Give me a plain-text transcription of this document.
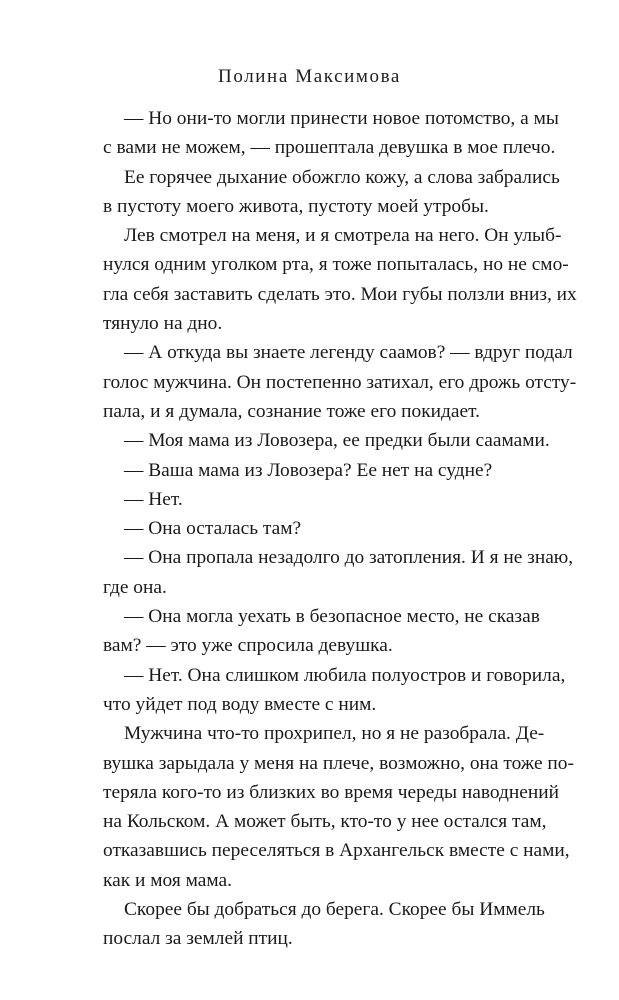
Полина Максимова
— Но они-то могли принести новое потомство, а мы
с вами не можем, — прошептала девушка в мое плечо.
Ее горячее дыхание обожгло кожу, а слова забрались
в пустоту моего живота, пустоту моей утробы.
Лев смотрел на меня, и я смотрела на него. Он улыб-
нулся одним уголком рта, я тоже попыталась, но не смо-
гла себя заставить сделать это. Мои губы ползли вниз, их
тянуло на дно.
— А откуда вы знаете легенду саамов? — вдруг подал
голос мужчина. Он постепенно затихал, его дрожь отсту-
пала, и я думала, сознание тоже его покидает.
— Моя мама из Ловозера, ее предки были саамами.
— Ваша мама из Ловозера? Ее нет на судне?
— Нет.
— Она осталась там?
— Она пропала незадолго до затопления. И я не знаю,
где она.
— Она могла уехать в безопасное место, не сказав
вам? — это уже спросила девушка.
— Нет. Она слишком любила полуостров и говорила,
что уйдет под воду вместе с ним.
Мужчина что-то прохрипел, но я не разобрала. Де-
вушка зарыдала у меня на плече, возможно, она тоже по-
теряла кого-то из близких во время череды наводнений
на Кольском. А может быть, кто-то у нее остался там,
отказавшись переселяться в Архангельск вместе с нами,
как и моя мама.
Скорее бы добраться до берега. Скорее бы Иммель
послал за землей птиц.
